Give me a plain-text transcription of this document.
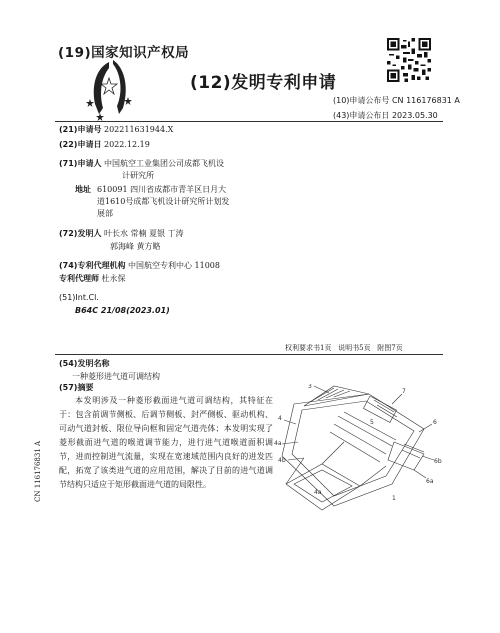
(19)国家知识产权局
(12)发明专利申请
(10)申请公布号 CN 116176831 A
(43)申请公布日 2023.05.30
(21)申请号 202211631944.X
(22)申请日 2022.12.19
(71)申请人 中国航空工业集团公司成都飞机设
计研究所
地址 610091 四川省成都市青羊区日月大
道1610号成都飞机设计研究所计划发
展部
(72)发明人 叶长水 常楠 夏银 丁涛
郭海峰 黄方略
(74)专利代理机构 中国航空专利中心 11008
专利代理师 杜永保
(51)Int.Cl.
B64C 21/08(2023.01)
权利要求书1页   说明书5页   附图7页
(54)发明名称
一种菱形进气道可调结构
(57)摘要
本发明涉及一种菱形截面进气道可调结构，其特征在于：包含前调节侧板、后调节侧板、封严侧板、驱动机构、可动气道封板、限位导向框和固定气道壳体；本发明实现了菱形截面进气道的喉道调节能力，进行进气道喉道面积调节，进而控制进气流量，实现在宽速域范围内良好的进发匹配，拓宽了该类进气道的应用范围，解决了目前的进气道调节结构只适应于矩形截面进气道的局限性。
3
7
6
6b
6a
4
4a
4b
1
5
4a
CN 116176831 A
